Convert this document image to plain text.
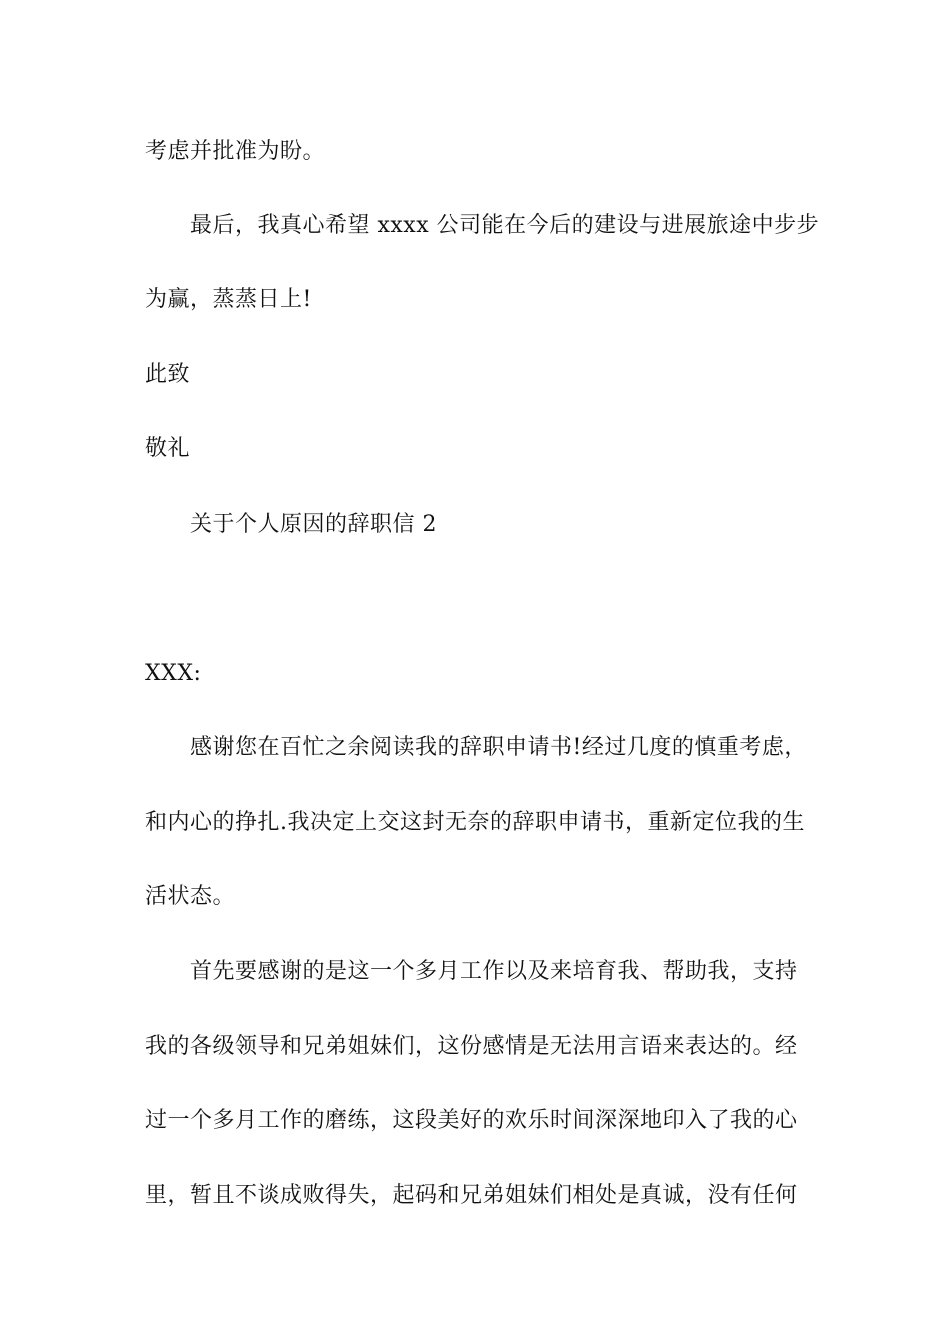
考虑并批准为盼。
最后，我真心希望 xxxx 公司能在今后的建设与进展旅途中步步
为赢，蒸蒸日上!
此致
敬礼
关于个人原因的辞职信 2
XXX:
感谢您在百忙之余阅读我的辞职申请书!经过几度的慎重考虑，
和内心的挣扎.我决定上交这封无奈的辞职申请书，重新定位我的生
活状态。
首先要感谢的是这一个多月工作以及来培育我、帮助我，支持
我的各级领导和兄弟姐妹们，这份感情是无法用言语来表达的。经
过一个多月工作的磨练，这段美好的欢乐时间深深地印入了我的心
里，暂且不谈成败得失，起码和兄弟姐妹们相处是真诚，没有任何
